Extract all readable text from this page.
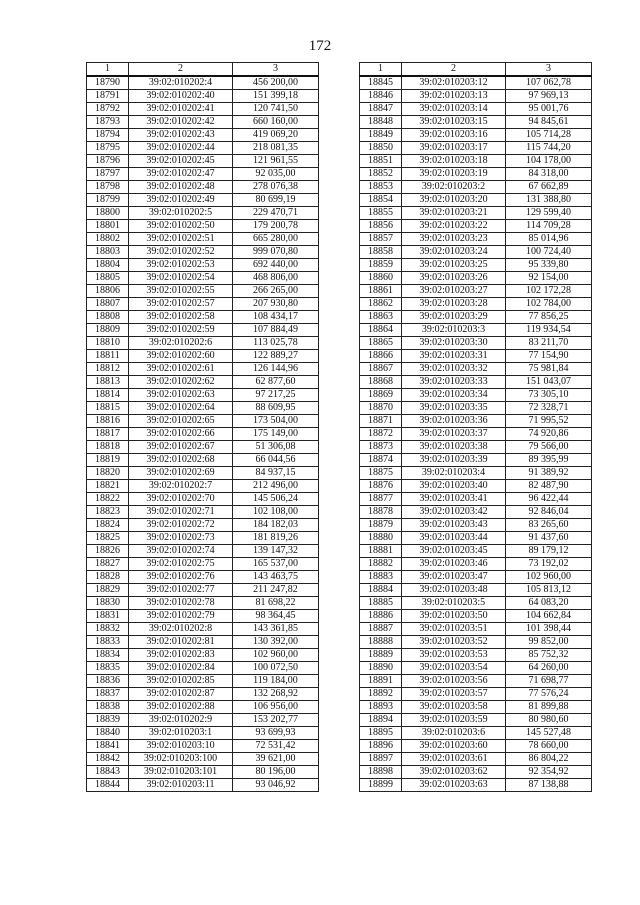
172
1	2	3
18790	39:02:010202:4	456 200,00
18791	39:02:010202:40	151 399,18
18792	39:02:010202:41	120 741,50
18793	39:02:010202:42	660 160,00
18794	39:02:010202:43	419 069,20
18795	39:02:010202:44	218 081,35
18796	39:02:010202:45	121 961,55
18797	39:02:010202:47	92 035,00
18798	39:02:010202:48	278 076,38
18799	39:02:010202:49	80 699,19
18800	39:02:010202:5	229 470,71
18801	39:02:010202:50	179 200,78
18802	39:02:010202:51	665 280,00
18803	39:02:010202:52	999 070,80
18804	39:02:010202:53	692 440,00
18805	39:02:010202:54	468 806,00
18806	39:02:010202:55	266 265,00
18807	39:02:010202:57	207 930,80
18808	39:02:010202:58	108 434,17
18809	39:02:010202:59	107 884,49
18810	39:02:010202:6	113 025,78
18811	39:02:010202:60	122 889,27
18812	39:02:010202:61	126 144,96
18813	39:02:010202:62	62 877,60
18814	39:02:010202:63	97 217,25
18815	39:02:010202:64	88 609,95
18816	39:02:010202:65	173 504,00
18817	39:02:010202:66	175 149,00
18818	39:02:010202:67	51 306,08
18819	39:02:010202:68	66 044,56
18820	39:02:010202:69	84 937,15
18821	39:02:010202:7	212 496,00
18822	39:02:010202:70	145 506,24
18823	39:02:010202:71	102 108,00
18824	39:02:010202:72	184 182,03
18825	39:02:010202:73	181 819,26
18826	39:02:010202:74	139 147,32
18827	39:02:010202:75	165 537,00
18828	39:02:010202:76	143 463,75
18829	39:02:010202:77	211 247,82
18830	39:02:010202:78	81 698,22
18831	39:02:010202:79	98 364,45
18832	39:02:010202:8	143 361,85
18833	39:02:010202:81	130 392,00
18834	39:02:010202:83	102 960,00
18835	39:02:010202:84	100 072,50
18836	39:02:010202:85	119 184,00
18837	39:02:010202:87	132 268,92
18838	39:02:010202:88	106 956,00
18839	39:02:010202:9	153 202,77
18840	39:02:010203:1	93 699,93
18841	39:02:010203:10	72 531,42
18842	39:02:010203:100	39 621,00
18843	39:02:010203:101	80 196,00
18844	39:02:010203:11	93 046,92
1	2	3
18845	39:02:010203:12	107 062,78
18846	39:02:010203:13	97 969,13
18847	39:02:010203:14	95 001,76
18848	39:02:010203:15	94 845,61
18849	39:02:010203:16	105 714,28
18850	39:02:010203:17	115 744,20
18851	39:02:010203:18	104 178,00
18852	39:02:010203:19	84 318,00
18853	39:02:010203:2	67 662,89
18854	39:02:010203:20	131 388,80
18855	39:02:010203:21	129 599,40
18856	39:02:010203:22	114 709,28
18857	39:02:010203:23	85 014,96
18858	39:02:010203:24	100 724,40
18859	39:02:010203:25	95 339,80
18860	39:02:010203:26	92 154,00
18861	39:02:010203:27	102 172,28
18862	39:02:010203:28	102 784,00
18863	39:02:010203:29	77 856,25
18864	39:02:010203:3	119 934,54
18865	39:02:010203:30	83 211,70
18866	39:02:010203:31	77 154,90
18867	39:02:010203:32	75 981,84
18868	39:02:010203:33	151 043,07
18869	39:02:010203:34	73 305,10
18870	39:02:010203:35	72 328,71
18871	39:02:010203:36	71 995,52
18872	39:02:010203:37	74 920,86
18873	39:02:010203:38	79 566,00
18874	39:02:010203:39	89 395,99
18875	39:02:010203:4	91 389,92
18876	39:02:010203:40	82 487,90
18877	39:02:010203:41	96 422,44
18878	39:02:010203:42	92 846,04
18879	39:02:010203:43	83 265,60
18880	39:02:010203:44	91 437,60
18881	39:02:010203:45	89 179,12
18882	39:02:010203:46	73 192,02
18883	39:02:010203:47	102 960,00
18884	39:02:010203:48	105 813,12
18885	39:02:010203:5	64 083,20
18886	39:02:010203:50	104 662,84
18887	39:02:010203:51	101 398,44
18888	39:02:010203:52	99 852,00
18889	39:02:010203:53	85 752,32
18890	39:02:010203:54	64 260,00
18891	39:02:010203:56	71 698,77
18892	39:02:010203:57	77 576,24
18893	39:02:010203:58	81 899,88
18894	39:02:010203:59	80 980,60
18895	39:02:010203:6	145 527,48
18896	39:02:010203:60	78 660,00
18897	39:02:010203:61	86 804,22
18898	39:02:010203:62	92 354,92
18899	39:02:010203:63	87 138,88
